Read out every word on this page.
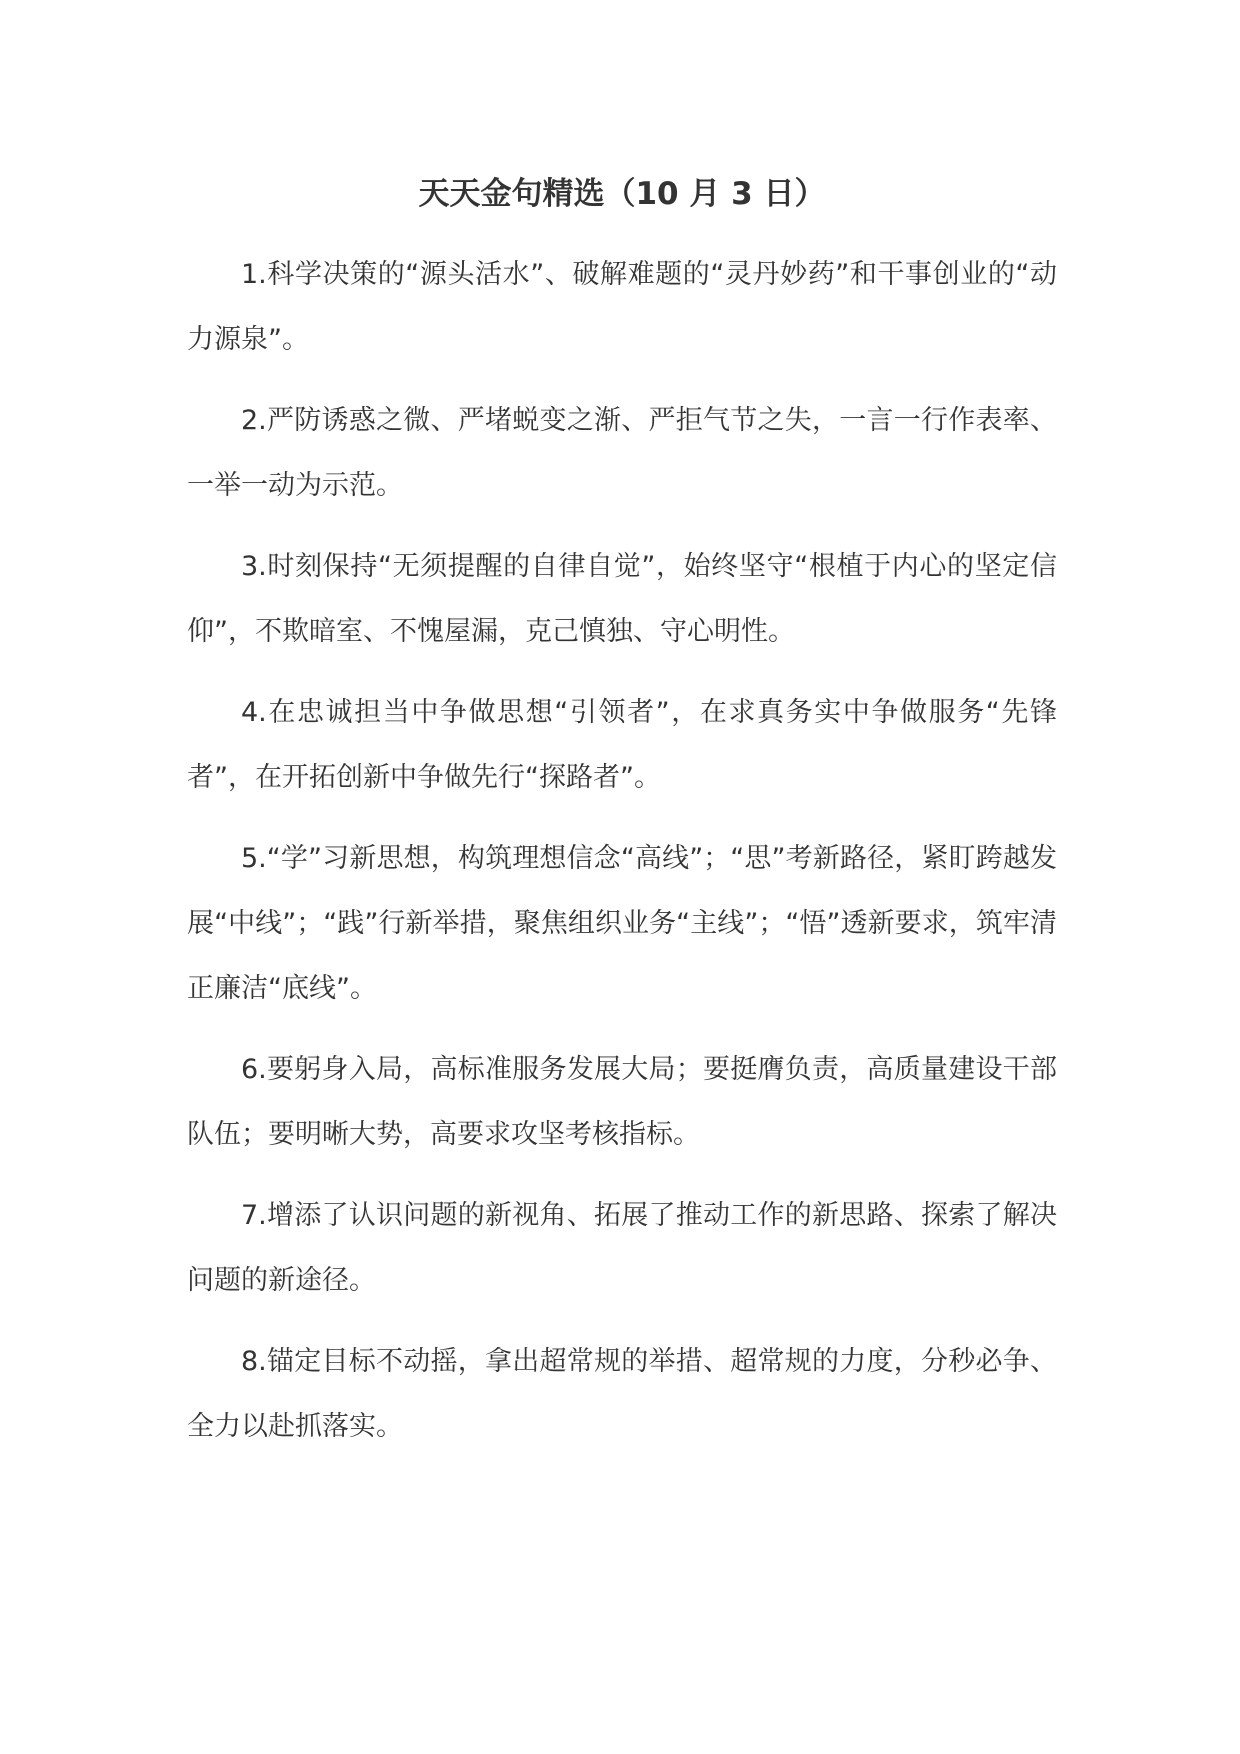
天天金句精选（10 月 3 日）

1.科学决策的“源头活水”、破解难题的“灵丹妙药”和干事创业的“动力源泉”。

2.严防诱惑之微、严堵蜕变之渐、严拒气节之失，一言一行作表率、一举一动为示范。

3.时刻保持“无须提醒的自律自觉”，始终坚守“根植于内心的坚定信仰”，不欺暗室、不愧屋漏，克己慎独、守心明性。

4.在忠诚担当中争做思想“引领者”，在求真务实中争做服务“先锋者”，在开拓创新中争做先行“探路者”。

5.“学”习新思想，构筑理想信念“高线”；“思”考新路径，紧盯跨越发展“中线”；“践”行新举措，聚焦组织业务“主线”；“悟”透新要求，筑牢清正廉洁“底线”。

6.要躬身入局，高标准服务发展大局；要挺膺负责，高质量建设干部队伍；要明晰大势，高要求攻坚考核指标。

7.增添了认识问题的新视角、拓展了推动工作的新思路、探索了解决问题的新途径。

8.锚定目标不动摇，拿出超常规的举措、超常规的力度，分秒必争、全力以赴抓落实。
